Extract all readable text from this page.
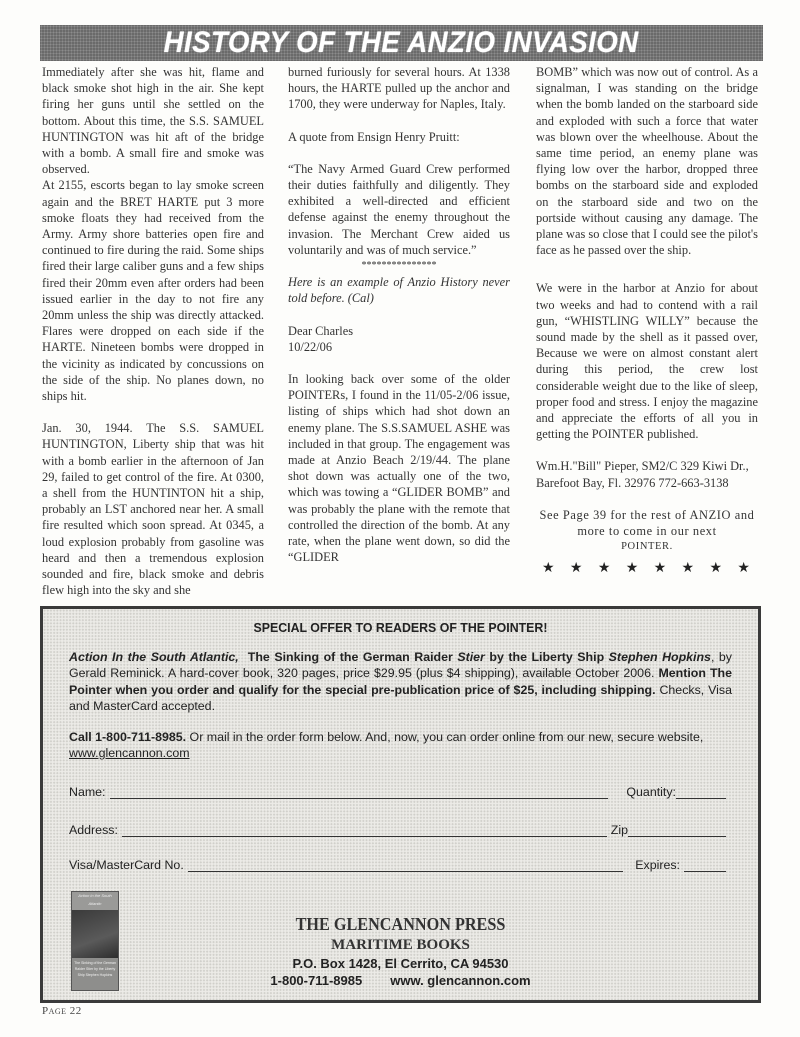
HISTORY OF THE ANZIO INVASION

Immediately after she was hit, flame and black smoke shot high in the air. She kept firing her guns until she settled on the bottom. About this time, the S.S. SAMUEL HUNTINGTON was hit aft of the bridge with a bomb. A small fire and smoke was observed.

At 2155, escorts began to lay smoke screen again and the BRET HARTE put 3 more smoke floats they had received from the Army. Army shore batteries open fire and continued to fire during the raid. Some ships fired their large caliber guns and a few ships fired their 20mm even after orders had been issued earlier in the day to not fire any 20mm unless the ship was directly attacked. Flares were dropped on each side if the HARTE. Nineteen bombs were dropped in the vicinity as indicated by concussions on the side of the ship. No planes down, no ships hit.

Jan. 30, 1944. The S.S. SAMUEL HUNTINGTON, Liberty ship that was hit with a bomb earlier in the afternoon of Jan 29, failed to get control of the fire. At 0300, a shell from the HUNTINTON hit a ship, probably an LST anchored near her. A small fire resulted which soon spread. At 0345, a loud explosion probably from gasoline was heard and then a tremendous explosion sounded and fire, black smoke and debris flew high into the sky and she

burned furiously for several hours. At 1338 hours, the HARTE pulled up the anchor and 1700, they were underway for Naples, Italy.

A quote from Ensign Henry Pruitt:

“The Navy Armed Guard Crew performed their duties faithfully and diligently. They exhibited a well-directed and efficient defense against the enemy throughout the invasion. The Merchant Crew aided us voluntarily and was of much service.”

***************

Here is an example of Anzio History never told before. (Cal)

Dear Charles

10/22/06

In looking back over some of the older POINTERs, I found in the 11/05-2/06 issue, listing of ships which had shot down an enemy plane. The S.S.SAMUEL ASHE was included in that group. The engagement was made at Anzio Beach 2/19/44. The plane shot down was actually one of the two, which was towing a “GLIDER BOMB” and was probably the plane with the remote that controlled the direction of the bomb. At any rate, when the plane went down, so did the “GLIDER

BOMB” which was now out of control. As a signalman, I was standing on the bridge when the bomb landed on the starboard side and exploded with such a force that water was blown over the wheelhouse. About the same time period, an enemy plane was flying low over the harbor, dropped three bombs on the starboard side and exploded on the starboard side and two on the portside without causing any damage. The plane was so close that I could see the pilot's face as he passed over the ship.

We were in the harbor at Anzio for about two weeks and had to contend with a rail gun, “WHISTLING WILLY” because the sound made by the shell as it passed over, Because we were on almost constant alert during this period, the crew lost considerable weight due to the like of sleep, proper food and stress. I enjoy the magazine and appreciate the efforts of all you in getting the POINTER published.

Wm.H."Bill" Pieper, SM2/C 329 Kiwi Dr., Barefoot Bay, Fl. 32976 772-663-3138

See Page 39 for the rest of ANZIO and more to come in our next

POINTER.

★ ★ ★ ★ ★ ★ ★ ★
SPECIAL OFFER TO READERS OF THE POINTER!
Action In the South Atlantic, The Sinking of the German Raider Stier by the Liberty Ship Stephen Hopkins, by Gerald Reminick. A hard-cover book, 320 pages, price $29.95 (plus $4 shipping), available October 2006. Mention The Pointer when you order and qualify for the special pre-publication price of $25, including shipping. Checks, Visa and MasterCard accepted.
Call 1-800-711-8985. Or mail in the order form below. And, now, you can order online from our new, secure website, www.glencannon.com
Name:	Quantity:
Address:	Zip
Visa/MasterCard No.	Expires:
Action in the South Atlantic
The Sinking of the German Raider Stier by the Liberty Ship Stephen Hopkins
THE GLENCANNON PRESS
MARITIME BOOKS
P.O. Box 1428, El Cerrito, CA 94530
1-800-711-8985 www. glencannon.com
Page 22
